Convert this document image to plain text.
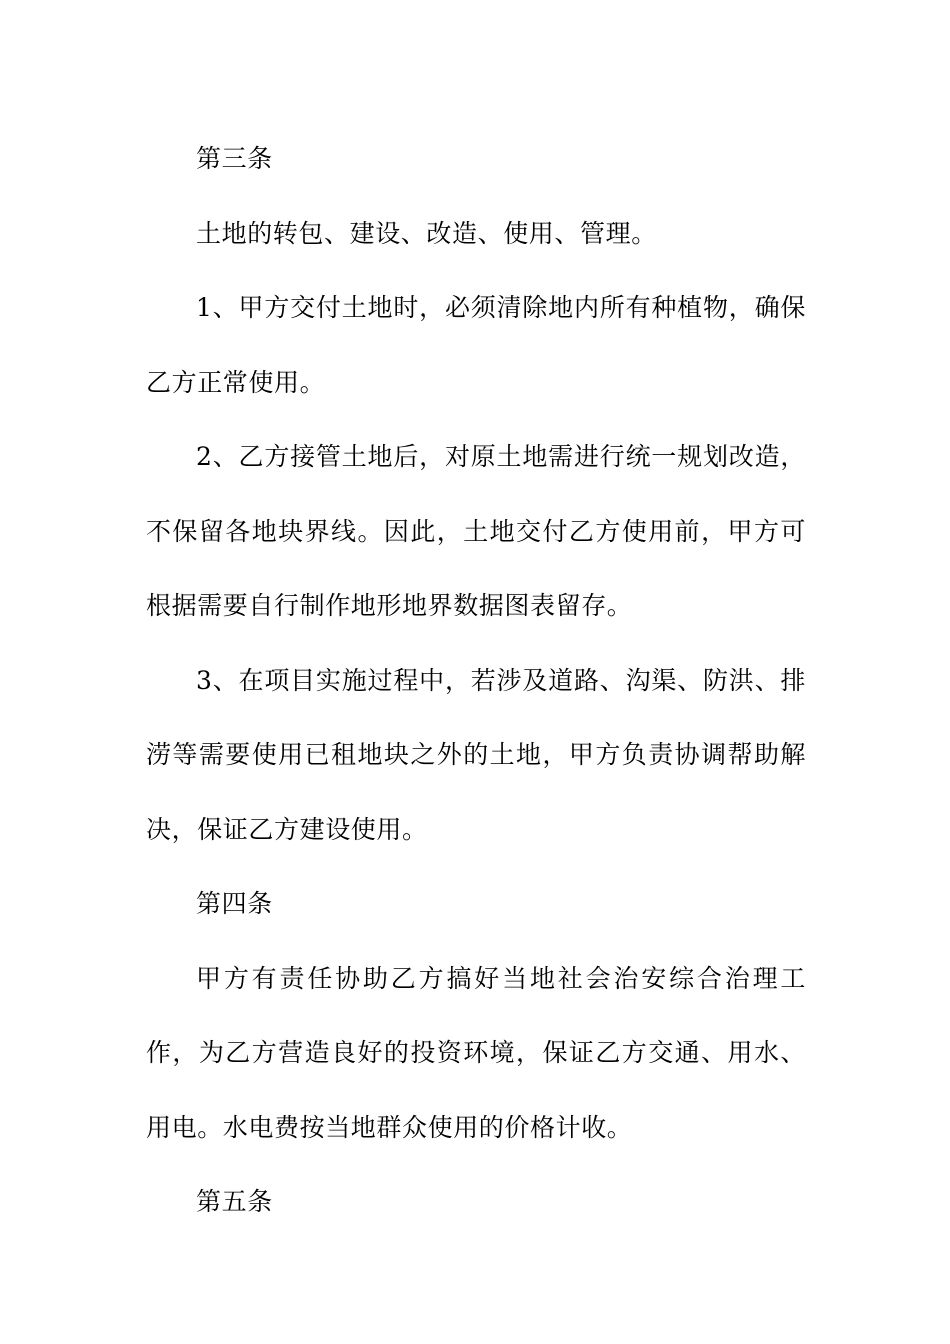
第三条

土地的转包、建设、改造、使用、管理。

1、甲方交付土地时，必须清除地内所有种植物，确保乙方正常使用。

2、乙方接管土地后，对原土地需进行统一规划改造，不保留各地块界线。因此，土地交付乙方使用前，甲方可根据需要自行制作地形地界数据图表留存。

3、在项目实施过程中，若涉及道路、沟渠、防洪、排涝等需要使用已租地块之外的土地，甲方负责协调帮助解决，保证乙方建设使用。

第四条

甲方有责任协助乙方搞好当地社会治安综合治理工作，为乙方营造良好的投资环境，保证乙方交通、用水、用电。水电费按当地群众使用的价格计收。

第五条
